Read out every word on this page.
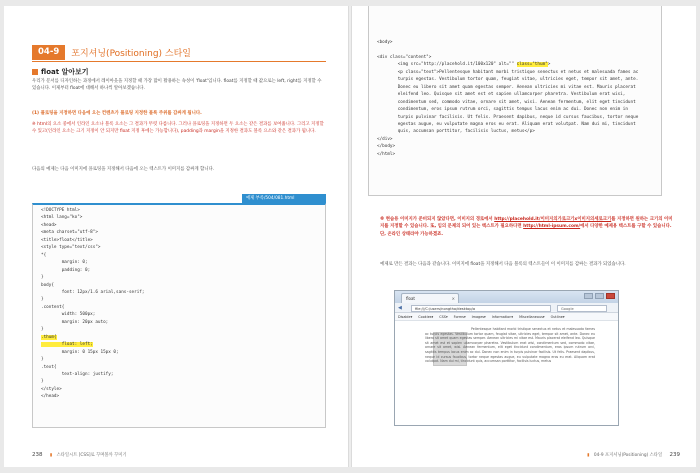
04-9	포지셔닝(Positioning) 스타일
float 알아보기

우리가 문서를 디자인하는 과정에서 레이아웃을 지정할 때 가장 많이 활용하는 속성이 'float'입니다. float를 지정할 때 값으로는 left, right를 지정할 수 있습니다. 이제부터 float에 대해서 하나씩 알아보겠습니다.

(1) 플로팅을 지정하면 다음에 오는 컨텐츠가 플로팅 지정한 블록 주위를 감싸게 됩니다.

※ html의 요소 중에서 인라인 요소나 블록 요소는 그 결과가 뚜렷 다릅니다. 그러나 플로팅을 지정하면 두 요소는 같은 결과를 보여줍니다. 그리고 지정할 수 있고(인라인 요소는 크기 지정이 안 되지만 float 지정 후에는 가능합니다), padding과 margin을 지정한 결과도 블록 요소와 같은 결과가 됩니다.

다음의 예제는 다음 이미지에 플로팅을 지정해서 다음에 오는 텍스트가 이미지를 감싸게 합니다.

예제 부록/504/081.html
<!DOCTYPE html>
<html lang="ko">
<head>
<meta charset="utf-8">
<title>float</title>
<style type="text/css">
*{
margin: 0;
padding: 0;
}
body{
font: 12px/1.6 arial,sans-serif;
}
.content{
width: 500px;
margin: 20px auto;
}
.thum{
float: left;
margin: 0 15px 15px 0;
}
.text{
text-align: justify;
}
</style>
</head>
238 ▮ 스타일시트 [CSS]로 꾸며볼까 꾸미기
<body>

<div class="content">
<img src="http://placehold.it/100x120" alt="" class="thum">
<p class="text">Pellentesque habitant morbi tristique senectus et netus et malesuada fames ac
turpis egestas. Vestibulum tortor quam, feugiat vitae, ultricies eget, tempor sit amet, ante.
Donec eu libero sit amet quam egestas semper. Aenean ultricies mi vitae est. Mauris placerat
eleifend leo. Quisque sit amet est et sapien ullamcorper pharetra. Vestibulum erat wisi,
condimentum sed, commodo vitae, ornare sit amet, wisi. Aenean fermentum, elit eget tincidunt
condimentum, eros ipsum rutrum orci, sagittis tempus lacus enim ac dui. Donec non enim in
turpis pulvinar facilisis. Ut felis. Praesent dapibus, neque id cursus faucibus, tortor neque
egestas augue, eu vulputate magna eros eu erat. Aliquam erat volutpat. Nam dui mi, tincidunt
quis, accumsan porttitor, facilisis luctus, metus</p>
</div>
</body>
</html>

※ 현습용 이미지가 준비되지 않았다면, 이미지의 경로에서 http://placehold.it/이미지의가로크기x이미지의세로크기를 지정하면 원하는 크기의 이미지를 지정할 수 있습니다. 또, 임의 문제의 되어 있는 텍스트가 필요하다면 http://html-ipsum.com/에서 다양한 예제용 텍스트를 구할 수 있습니다. 단, 온라인 상태라야 가능하겠죠.

예제로 만든 결과는 다음과 같습니다. 이미지에 float을 지정해서 다음 블록의 텍스트들이 이 이미지를 감싸는 결과가 되었습니다.

float	×
◀	file:///C:/users/nongtho/desktop/a	Google
Disable▾ Cookies▾ CSS▾ Forms▾ Images▾ Information▾ Miscellaneous▾ Outline▾

Pellentesque habitant morbi tristique senectus et netus et malesuada fames ac turpis egestas. Vestibulum tortor quam, feugiat vitae, ultricies eget, tempor sit amet, ante. Donec eu libero sit amet quam egestas semper. Aenean ultricies mi vitae est. Mauris placerat eleifend leo. Quisque sit amet est et sapien ullamcorper pharetra. Vestibulum erat wisi, condimentum sed, commodo vitae, ornare sit amet, wisi. Aenean fermentum, elit eget tincidunt condimentum, eros ipsum rutrum orci, sagittis tempus lacus enim ac dui. Donec non enim in turpis pulvinar facilisis. Ut felis. Praesent dapibus, neque id cursus faucibus, tortor neque egestas augue, eu vulputate magna eros eu erat. Aliquam erat volutpat. Nam dui mi, tincidunt quis, accumsan porttitor, facilisis luctus, metus

▮ 04-9 포지셔닝(Positioning) 스타일 239
